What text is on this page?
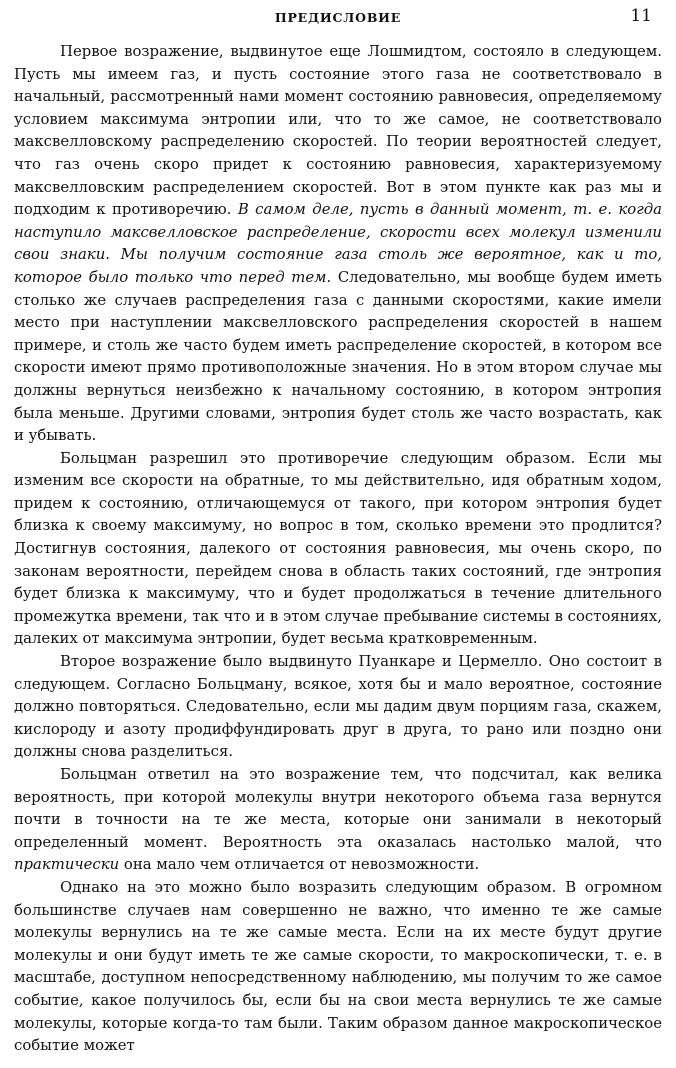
ПРЕДИСЛОВИЕ	11

Первое возражение, выдвинутое еще Лошмидтом, состояло в следующем. Пусть мы имеем газ, и пусть состояние этого газа не соответствовало в начальный, рассмотренный нами момент состоянию равновесия, определяемому условием максимума энтропии или, что то же самое, не соответствовало максвелловскому распределению скоростей. По теории вероятностей следует, что газ очень скоро придет к состоянию равновесия, характеризуемому максвелловским распределением скоростей. Вот в этом пункте как раз мы и подходим к противоречию. В самом деле, пусть в данный момент, т. е. когда наступило максвелловское распределение, скорости всех молекул изменили свои знаки. Мы получим состояние газа столь же вероятное, как и то, которое было только что перед тем. Следовательно, мы вообще будем иметь столько же случаев распределения газа с данными скоростями, какие имели место при наступлении максвелловского распределения скоростей в нашем примере, и столь же часто будем иметь распределение скоростей, в котором все скорости имеют прямо противоположные значения. Но в этом втором случае мы должны вернуться неизбежно к начальному состоянию, в котором энтропия была меньше. Другими словами, энтропия будет столь же часто возрастать, как и убывать.

Больцман разрешил это противоречие следующим образом. Если мы изменим все скорости на обратные, то мы действительно, идя обратным ходом, придем к состоянию, отличающемуся от такого, при котором энтропия будет близка к своему максимуму, но вопрос в том, сколько времени это продлится? Достигнув состояния, далекого от состояния равновесия, мы очень скоро, по законам вероятности, перейдем снова в область таких состояний, где энтропия будет близка к максимуму, что и будет продолжаться в течение длительного промежутка времени, так что и в этом случае пребывание системы в состояниях, далеких от максимума энтропии, будет весьма кратковременным.

Второе возражение было выдвинуто Пуанкаре и Цермелло. Оно состоит в следующем. Согласно Больцману, всякое, хотя бы и мало вероятное, состояние должно повторяться. Следовательно, если мы дадим двум порциям газа, скажем, кислороду и азоту продиффундировать друг в друга, то рано или поздно они должны снова разделиться.

Больцман ответил на это возражение тем, что подсчитал, как велика вероятность, при которой молекулы внутри некоторого объема газа вернутся почти в точности на те же места, которые они занимали в некоторый определенный момент. Вероятность эта оказалась настолько малой, что практически она мало чем отличается от невозможности.

Однако на это можно было возразить следующим образом. В огромном большинстве случаев нам совершенно не важно, что именно те же самые молекулы вернулись на те же самые места. Если на их месте будут другие молекулы и они будут иметь те же самые скорости, то макроскопически, т. е. в масштабе, доступном непосредственному наблюдению, мы получим то же самое событие, какое получилось бы, если бы на свои места вернулись те же самые молекулы, которые когда-то там были. Таким образом данное макроскопическое событие может
